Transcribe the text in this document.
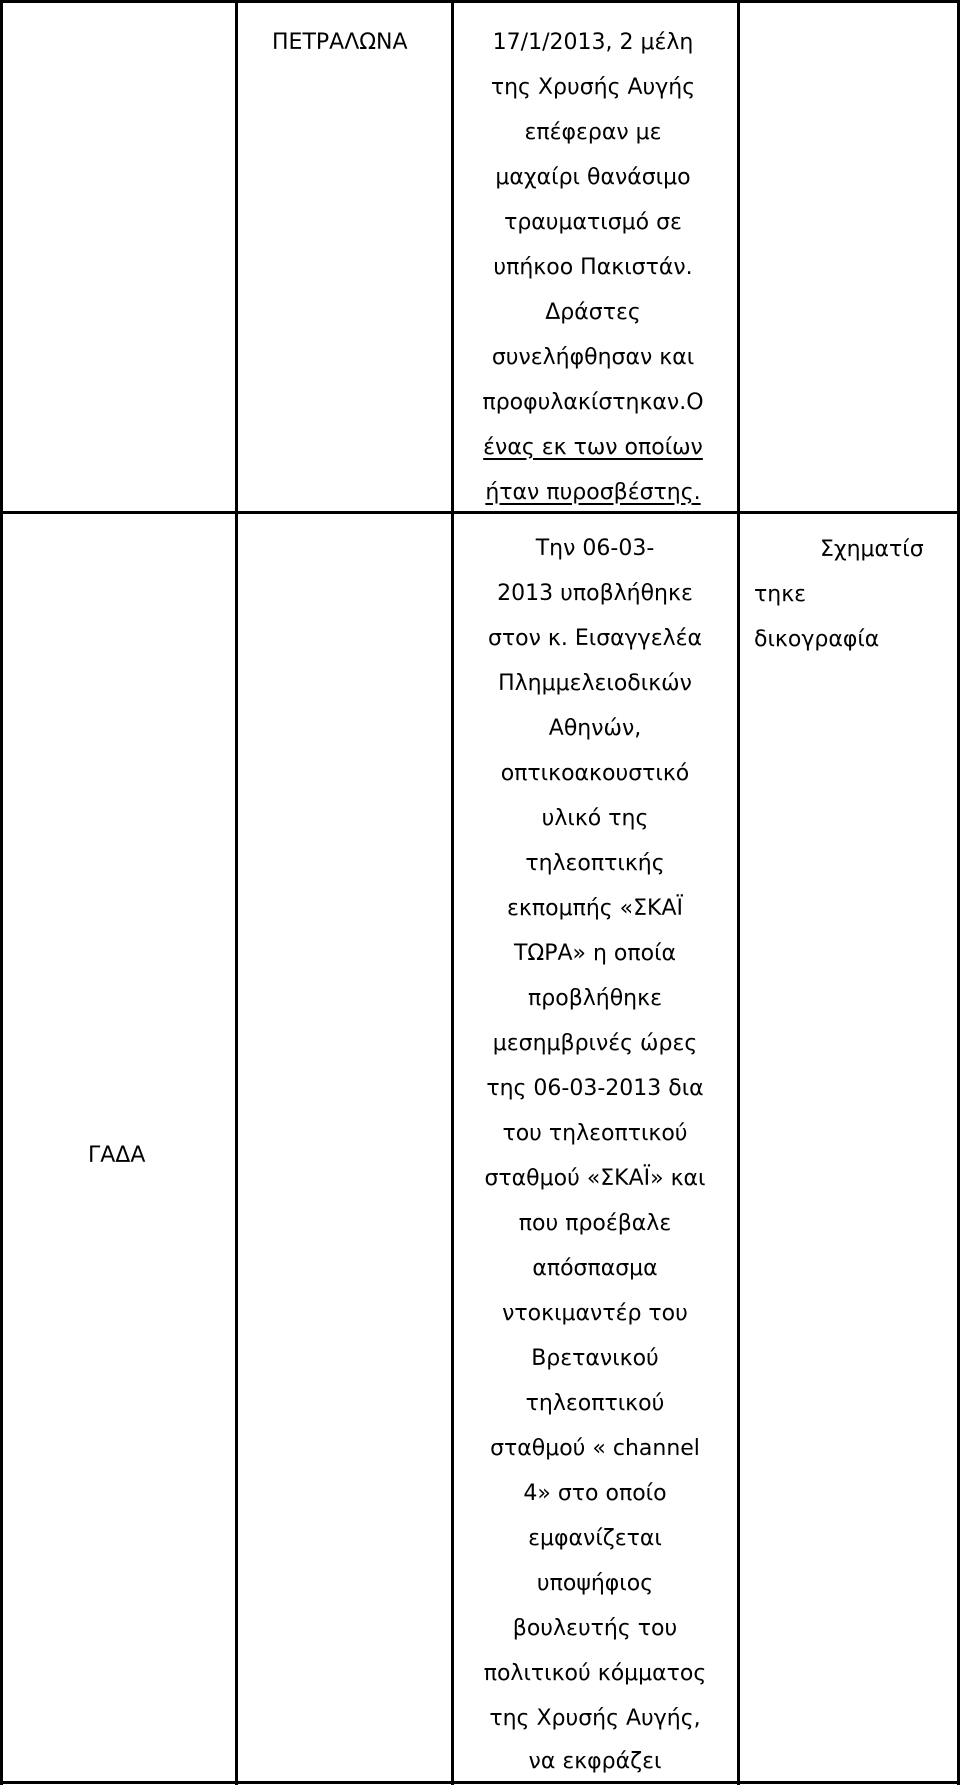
ΠΕΤΡΑΛΩΝΑ	17/1/2013, 2 μέλη
της Χρυσής Αυγής
επέφεραν με
μαχαίρι θανάσιμο
τραυματισμό σε
υπήκοο Πακιστάν.
Δράστες
συνελήφθησαν και
προφυλακίστηκαν.Ο
ένας εκ των οποίων
ήταν πυροσβέστης.
ΓΑΔΑ
Την 06-03-
2013 υποβλήθηκε
στον κ. Εισαγγελέα
Πλημμελειοδικών
Αθηνών,
οπτικοακουστικό
υλικό της
τηλεοπτικής
εκπομπής «ΣΚΑΪ
ΤΩΡΑ» η οποία
προβλήθηκε
μεσημβρινές ώρες
της 06-03-2013 δια
του τηλεοπτικού
σταθμού «ΣΚΑΪ» και
που προέβαλε
απόσπασμα
ντοκιμαντέρ του
Βρετανικού
τηλεοπτικού
σταθμού « channel
4» στο οποίο
εμφανίζεται
υποψήφιος
βουλευτής του
πολιτικού κόμματος
της Χρυσής Αυγής,
να εκφράζει
Σχηματίσ
τηκε
δικογραφία
